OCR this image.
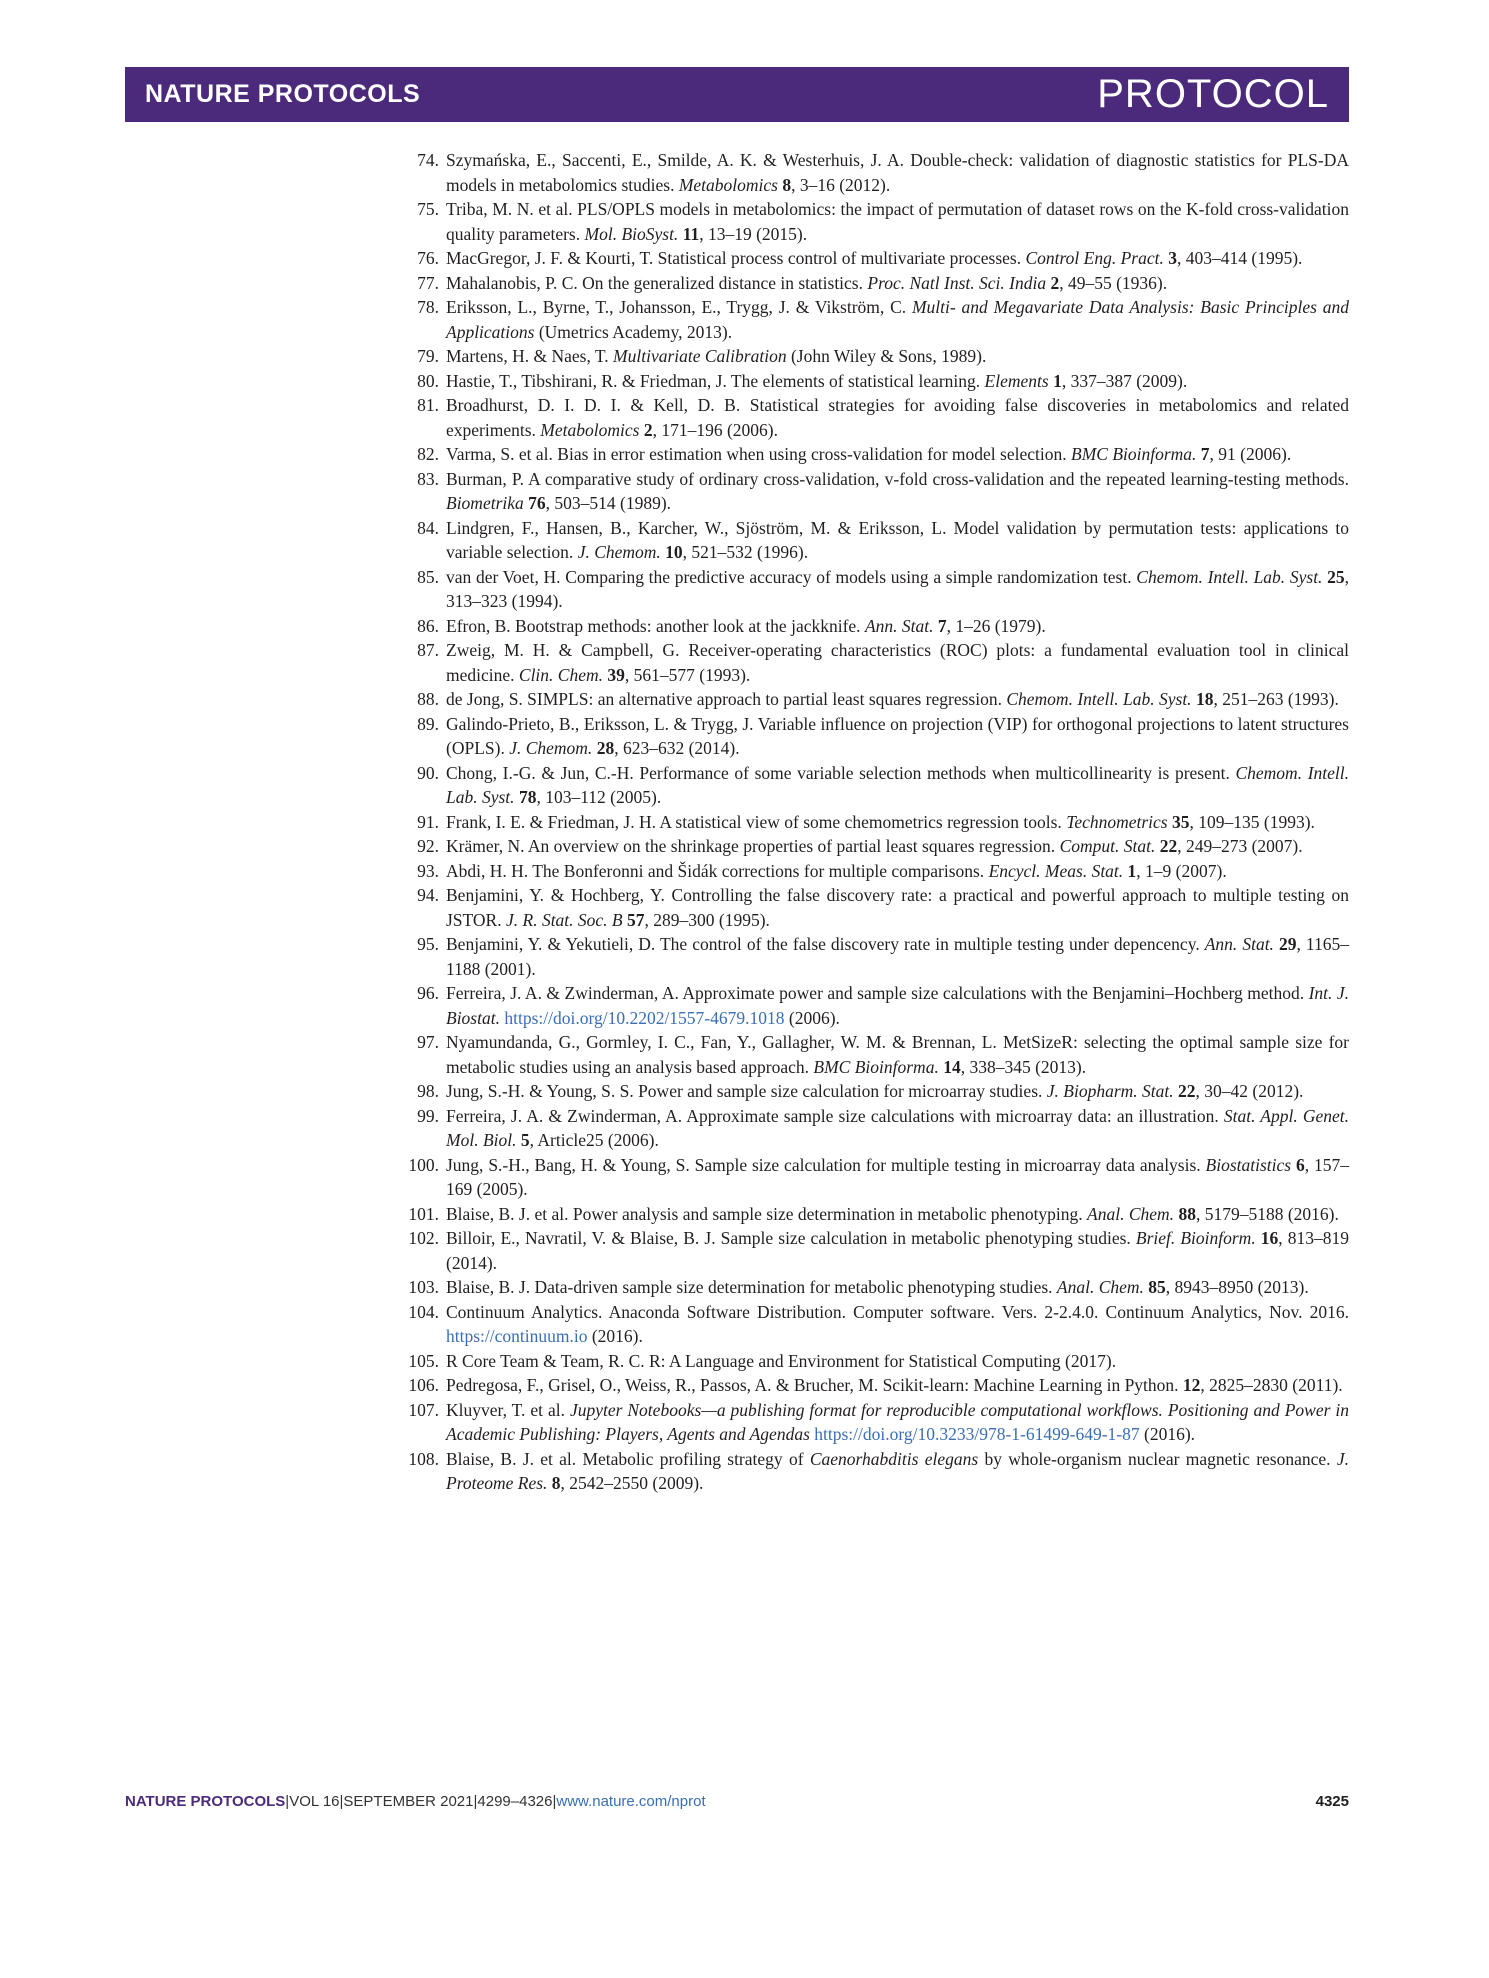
NATURE PROTOCOLS	PROTOCOL
74. Szymańska, E., Saccenti, E., Smilde, A. K. & Westerhuis, J. A. Double-check: validation of diagnostic statistics for PLS-DA models in metabolomics studies. Metabolomics 8, 3–16 (2012).
75. Triba, M. N. et al. PLS/OPLS models in metabolomics: the impact of permutation of dataset rows on the K-fold cross-validation quality parameters. Mol. BioSyst. 11, 13–19 (2015).
76. MacGregor, J. F. & Kourti, T. Statistical process control of multivariate processes. Control Eng. Pract. 3, 403–414 (1995).
77. Mahalanobis, P. C. On the generalized distance in statistics. Proc. Natl Inst. Sci. India 2, 49–55 (1936).
78. Eriksson, L., Byrne, T., Johansson, E., Trygg, J. & Vikström, C. Multi- and Megavariate Data Analysis: Basic Principles and Applications (Umetrics Academy, 2013).
79. Martens, H. & Naes, T. Multivariate Calibration (John Wiley & Sons, 1989).
80. Hastie, T., Tibshirani, R. & Friedman, J. The elements of statistical learning. Elements 1, 337–387 (2009).
81. Broadhurst, D. I. D. I. & Kell, D. B. Statistical strategies for avoiding false discoveries in metabolomics and related experiments. Metabolomics 2, 171–196 (2006).
82. Varma, S. et al. Bias in error estimation when using cross-validation for model selection. BMC Bioinforma. 7, 91 (2006).
83. Burman, P. A comparative study of ordinary cross-validation, v-fold cross-validation and the repeated learning-testing methods. Biometrika 76, 503–514 (1989).
84. Lindgren, F., Hansen, B., Karcher, W., Sjöström, M. & Eriksson, L. Model validation by permutation tests: applications to variable selection. J. Chemom. 10, 521–532 (1996).
85. van der Voet, H. Comparing the predictive accuracy of models using a simple randomization test. Chemom. Intell. Lab. Syst. 25, 313–323 (1994).
86. Efron, B. Bootstrap methods: another look at the jackknife. Ann. Stat. 7, 1–26 (1979).
87. Zweig, M. H. & Campbell, G. Receiver-operating characteristics (ROC) plots: a fundamental evaluation tool in clinical medicine. Clin. Chem. 39, 561–577 (1993).
88. de Jong, S. SIMPLS: an alternative approach to partial least squares regression. Chemom. Intell. Lab. Syst. 18, 251–263 (1993).
89. Galindo-Prieto, B., Eriksson, L. & Trygg, J. Variable influence on projection (VIP) for orthogonal projections to latent structures (OPLS). J. Chemom. 28, 623–632 (2014).
90. Chong, I.-G. & Jun, C.-H. Performance of some variable selection methods when multicollinearity is present. Chemom. Intell. Lab. Syst. 78, 103–112 (2005).
91. Frank, I. E. & Friedman, J. H. A statistical view of some chemometrics regression tools. Technometrics 35, 109–135 (1993).
92. Krämer, N. An overview on the shrinkage properties of partial least squares regression. Comput. Stat. 22, 249–273 (2007).
93. Abdi, H. H. The Bonferonni and Šidák corrections for multiple comparisons. Encycl. Meas. Stat. 1, 1–9 (2007).
94. Benjamini, Y. & Hochberg, Y. Controlling the false discovery rate: a practical and powerful approach to multiple testing on JSTOR. J. R. Stat. Soc. B 57, 289–300 (1995).
95. Benjamini, Y. & Yekutieli, D. The control of the false discovery rate in multiple testing under depencency. Ann. Stat. 29, 1165–1188 (2001).
96. Ferreira, J. A. & Zwinderman, A. Approximate power and sample size calculations with the Benjamini–Hochberg method. Int. J. Biostat. https://doi.org/10.2202/1557-4679.1018 (2006).
97. Nyamundanda, G., Gormley, I. C., Fan, Y., Gallagher, W. M. & Brennan, L. MetSizeR: selecting the optimal sample size for metabolic studies using an analysis based approach. BMC Bioinforma. 14, 338–345 (2013).
98. Jung, S.-H. & Young, S. S. Power and sample size calculation for microarray studies. J. Biopharm. Stat. 22, 30–42 (2012).
99. Ferreira, J. A. & Zwinderman, A. Approximate sample size calculations with microarray data: an illustration. Stat. Appl. Genet. Mol. Biol. 5, Article25 (2006).
100. Jung, S.-H., Bang, H. & Young, S. Sample size calculation for multiple testing in microarray data analysis. Biostatistics 6, 157–169 (2005).
101. Blaise, B. J. et al. Power analysis and sample size determination in metabolic phenotyping. Anal. Chem. 88, 5179–5188 (2016).
102. Billoir, E., Navratil, V. & Blaise, B. J. Sample size calculation in metabolic phenotyping studies. Brief. Bioinform. 16, 813–819 (2014).
103. Blaise, B. J. Data-driven sample size determination for metabolic phenotyping studies. Anal. Chem. 85, 8943–8950 (2013).
104. Continuum Analytics. Anaconda Software Distribution. Computer software. Vers. 2-2.4.0. Continuum Analytics, Nov. 2016. https://continuum.io (2016).
105. R Core Team & Team, R. C. R: A Language and Environment for Statistical Computing (2017).
106. Pedregosa, F., Grisel, O., Weiss, R., Passos, A. & Brucher, M. Scikit-learn: Machine Learning in Python. 12, 2825–2830 (2011).
107. Kluyver, T. et al. Jupyter Notebooks—a publishing format for reproducible computational workflows. Positioning and Power in Academic Publishing: Players, Agents and Agendas https://doi.org/10.3233/978-1-61499-649-1-87 (2016).
108. Blaise, B. J. et al. Metabolic profiling strategy of Caenorhabditis elegans by whole-organism nuclear magnetic resonance. J. Proteome Res. 8, 2542–2550 (2009).
NATURE PROTOCOLS|VOL 16|SEPTEMBER 2021|4299–4326|www.nature.com/nprot	4325
